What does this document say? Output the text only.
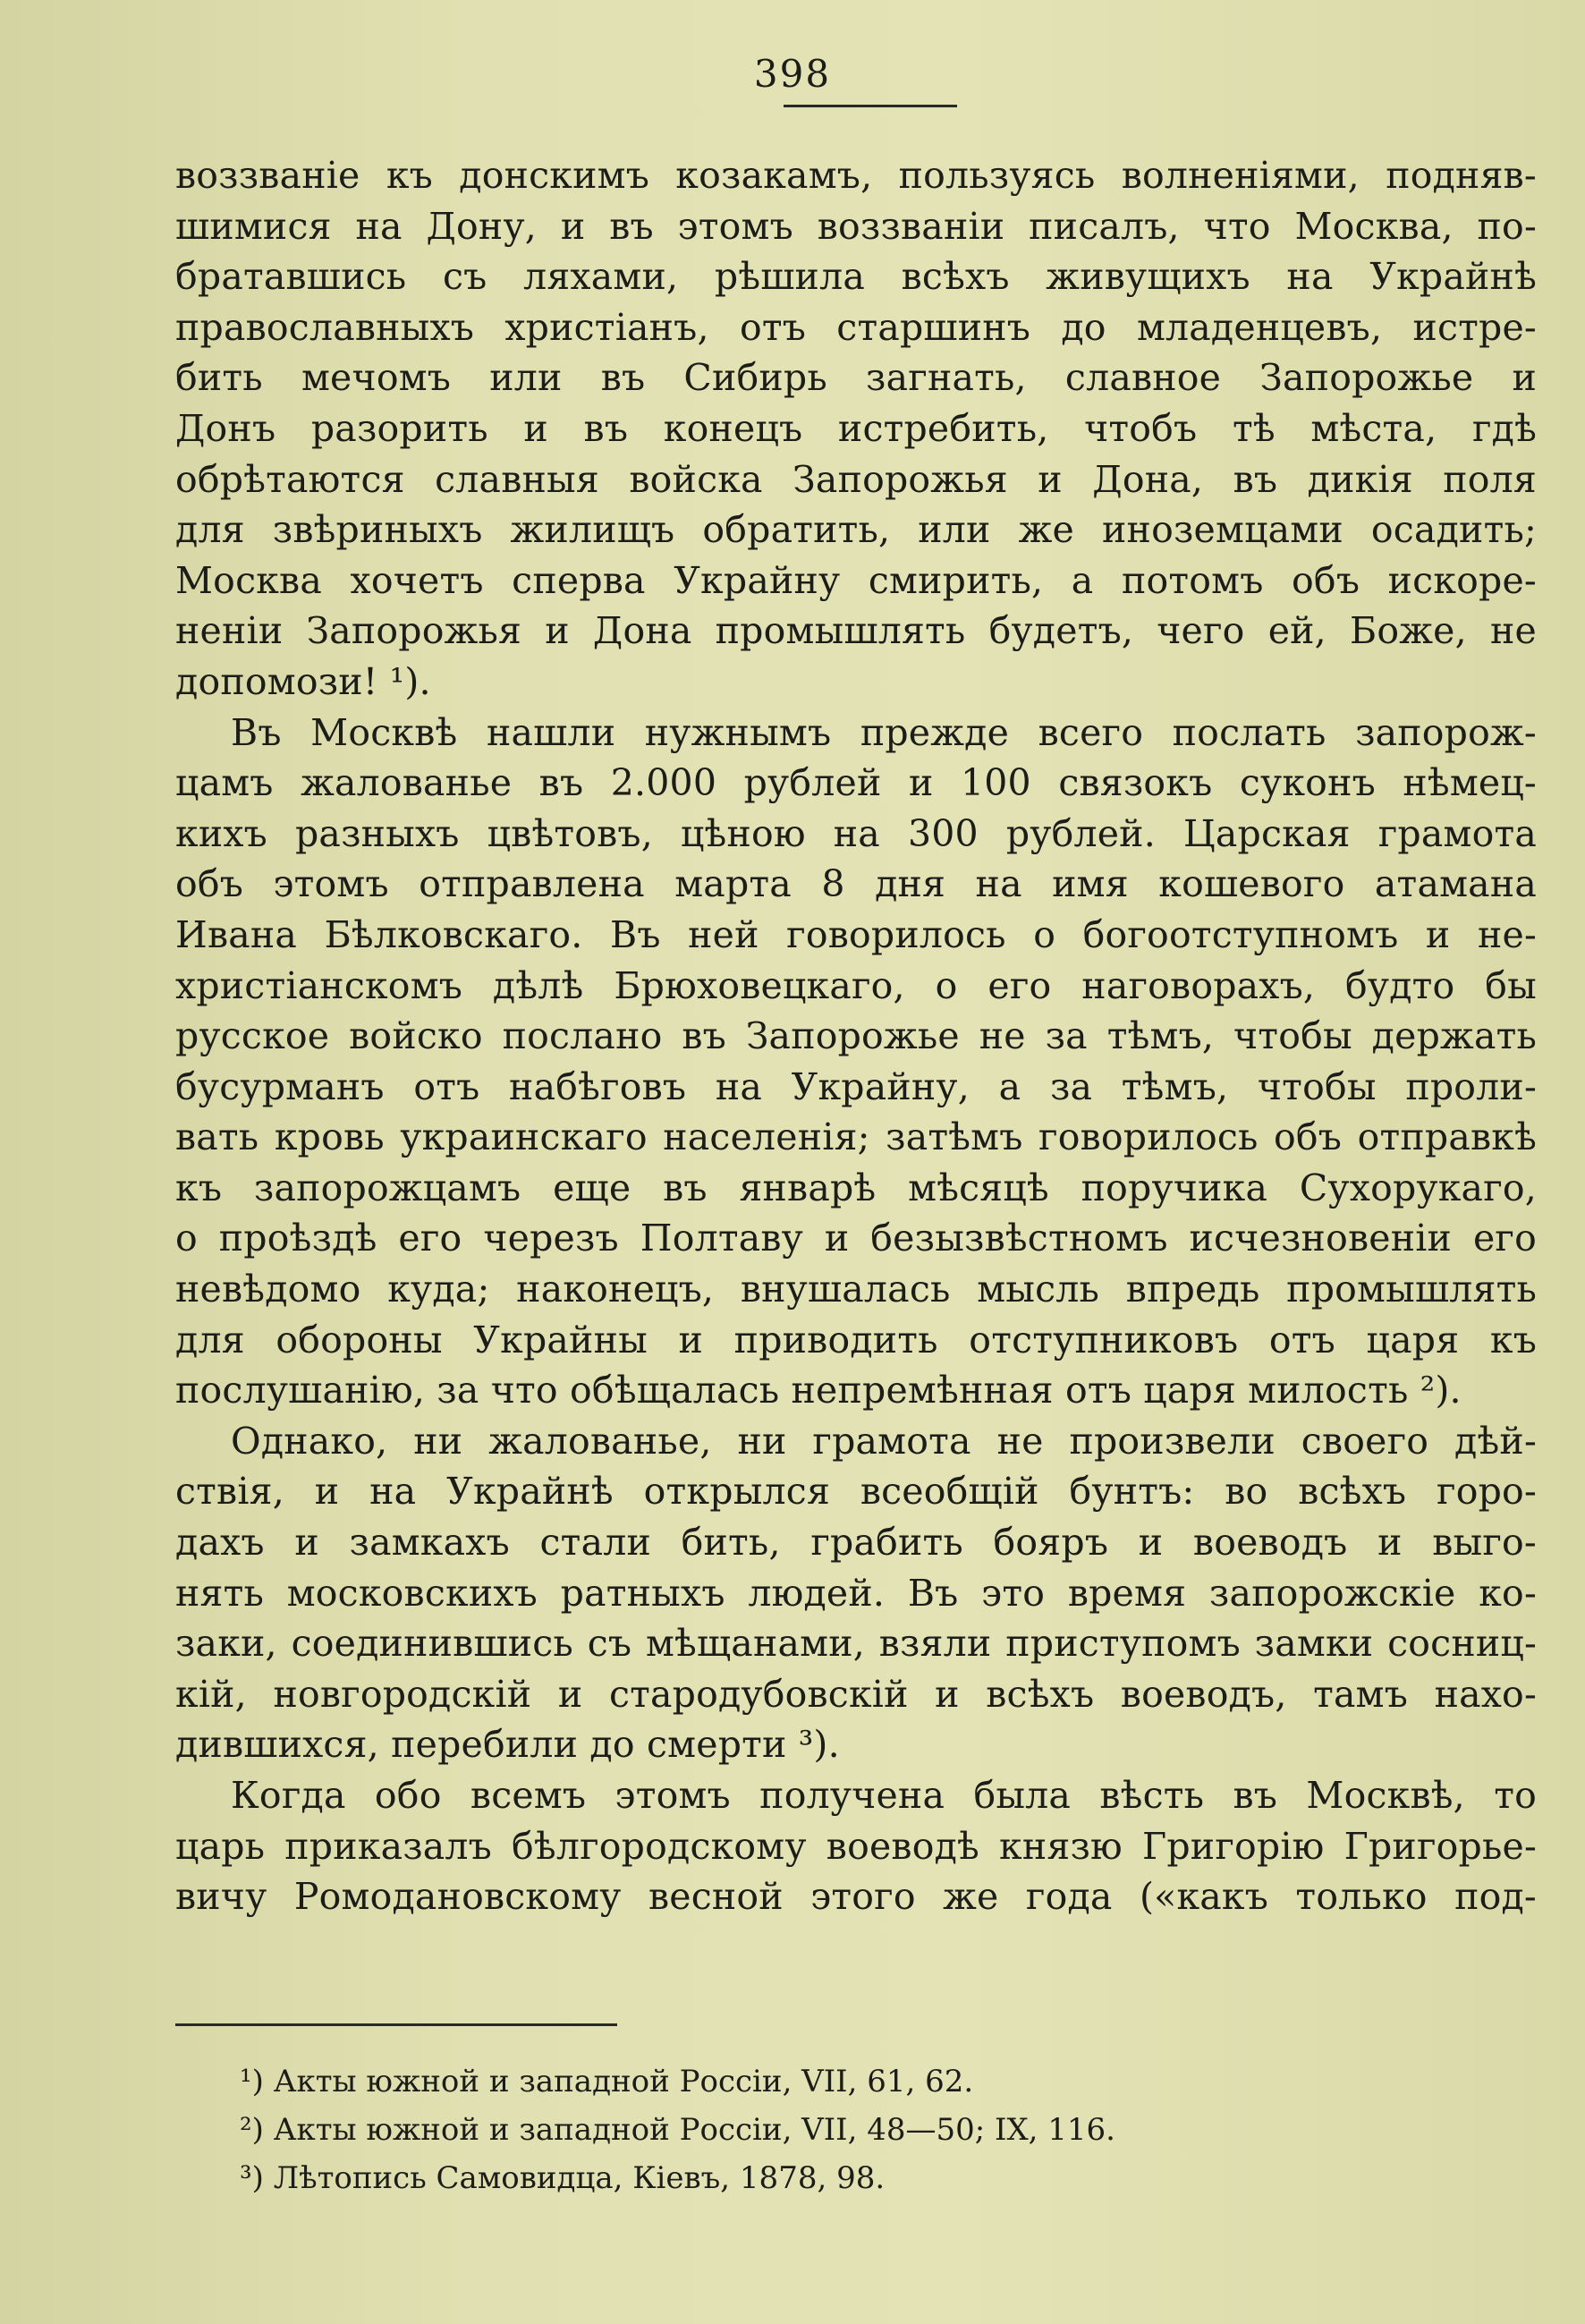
398
воззваніе къ донскимъ козакамъ, пользуясь волненіями, подняв-
шимися на Дону, и въ этомъ воззваніи писалъ, что Москва, по-
братавшись съ ляхами, рѣшила всѣхъ живущихъ на Украйнѣ
православныхъ христіанъ, отъ старшинъ до младенцевъ, истре-
бить мечомъ или въ Сибирь загнать, славное Запорожье и
Донъ разорить и въ конецъ истребить, чтобъ тѣ мѣста, гдѣ
обрѣтаются славныя войска Запорожья и Дона, въ дикія поля
для звѣриныхъ жилищъ обратить, или же иноземцами осадить;
Москва хочетъ сперва Украйну смирить, а потомъ объ искоре-
неніи Запорожья и Дона промышлять будетъ, чего ей, Боже, не
допомози! ¹).
Въ Москвѣ нашли нужнымъ прежде всего послать запорож-
цамъ жалованье въ 2.000 рублей и 100 связокъ суконъ нѣмец-
кихъ разныхъ цвѣтовъ, цѣною на 300 рублей. Царская грамота
объ этомъ отправлена марта 8 дня на имя кошевого атамана
Ивана Бѣлковскаго. Въ ней говорилось о богоотступномъ и не-
христіанскомъ дѣлѣ Брюховецкаго, о его наговорахъ, будто бы
русское войско послано въ Запорожье не за тѣмъ, чтобы держать
бусурманъ отъ набѣговъ на Украйну, а за тѣмъ, чтобы проли-
вать кровь украинскаго населенія; затѣмъ говорилось объ отправкѣ
къ запорожцамъ еще въ январѣ мѣсяцѣ поручика Сухорукаго,
о проѣздѣ его черезъ Полтаву и безызвѣстномъ исчезновеніи его
невѣдомо куда; наконецъ, внушалась мысль впредь промышлять
для обороны Украйны и приводить отступниковъ отъ царя къ
послушанію, за что обѣщалась непремѣнная отъ царя милость ²).
Однако, ни жалованье, ни грамота не произвели своего дѣй-
ствія, и на Украйнѣ открылся всеобщій бунтъ: во всѣхъ горо-
дахъ и замкахъ стали бить, грабить бояръ и воеводъ и выго-
нять московскихъ ратныхъ людей. Въ это время запорожскіе ко-
заки, соединившись съ мѣщанами, взяли приступомъ замки сосниц-
кій, новгородскій и стародубовскій и всѣхъ воеводъ, тамъ нахо-
дившихся, перебили до смерти ³).
Когда обо всемъ этомъ получена была вѣсть въ Москвѣ, то
царь приказалъ бѣлгородскому воеводѣ князю Григорію Григорье-
вичу Ромодановскому весной этого же года («какъ только под-
¹) Акты южной и западной Россіи, VII, 61, 62.
²) Акты южной и западной Россіи, VII, 48—50; IX, 116.
³) Лѣтопись Самовидца, Кіевъ, 1878, 98.
